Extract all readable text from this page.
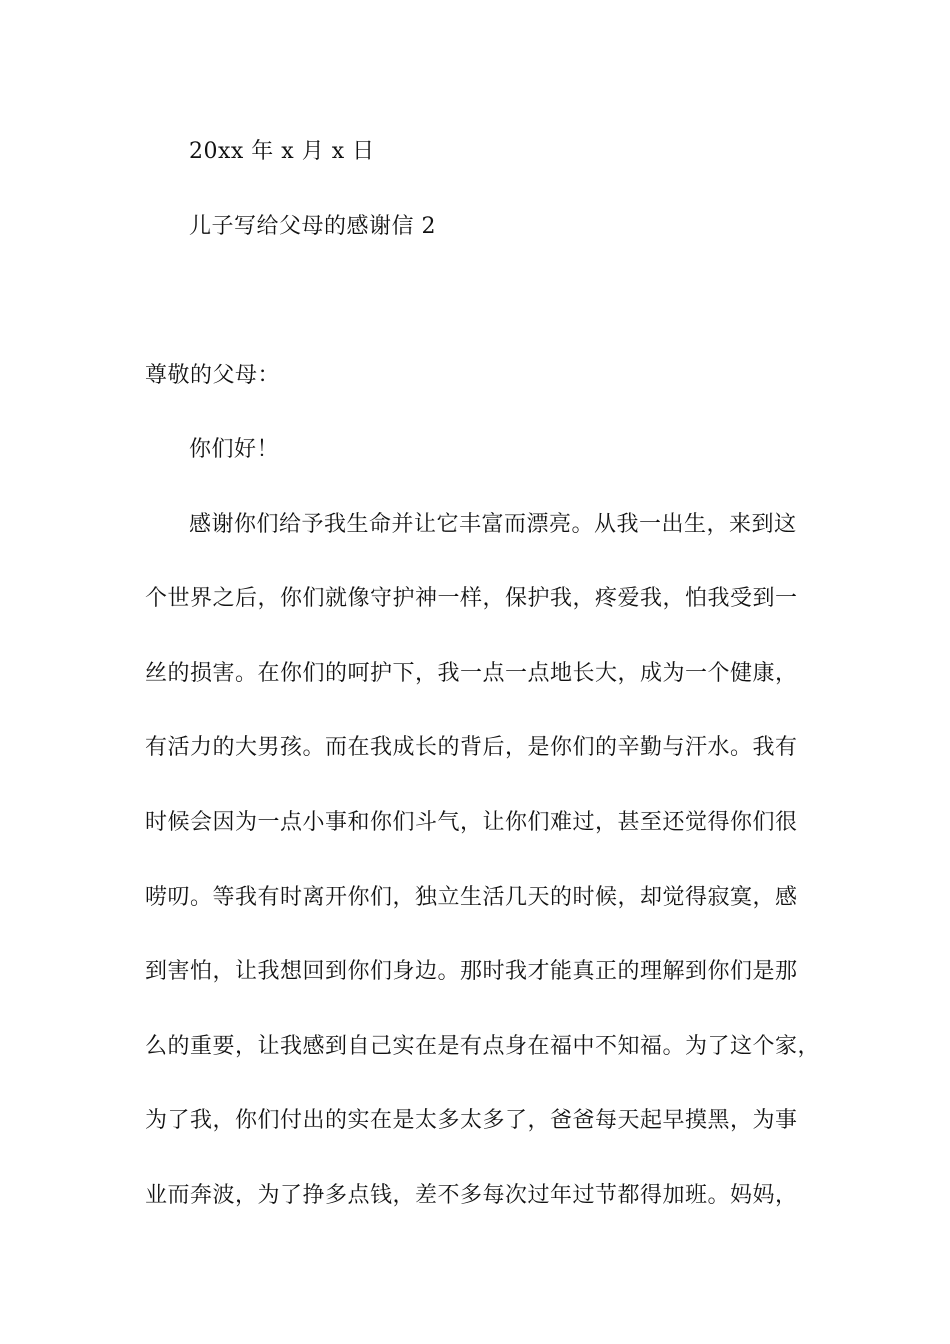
20xx 年 x 月 x 日
儿子写给父母的感谢信 2
尊敬的父母：
你们好！
感谢你们给予我生命并让它丰富而漂亮。从我一出生，来到这
个世界之后，你们就像守护神一样，保护我，疼爱我，怕我受到一
丝的损害。在你们的呵护下，我一点一点地长大，成为一个健康，
有活力的大男孩。而在我成长的背后，是你们的辛勤与汗水。我有
时候会因为一点小事和你们斗气，让你们难过，甚至还觉得你们很
唠叨。等我有时离开你们，独立生活几天的时候，却觉得寂寞，感
到害怕，让我想回到你们身边。那时我才能真正的理解到你们是那
么的重要，让我感到自己实在是有点身在福中不知福。为了这个家，
为了我，你们付出的实在是太多太多了，爸爸每天起早摸黑，为事
业而奔波，为了挣多点钱，差不多每次过年过节都得加班。妈妈，
